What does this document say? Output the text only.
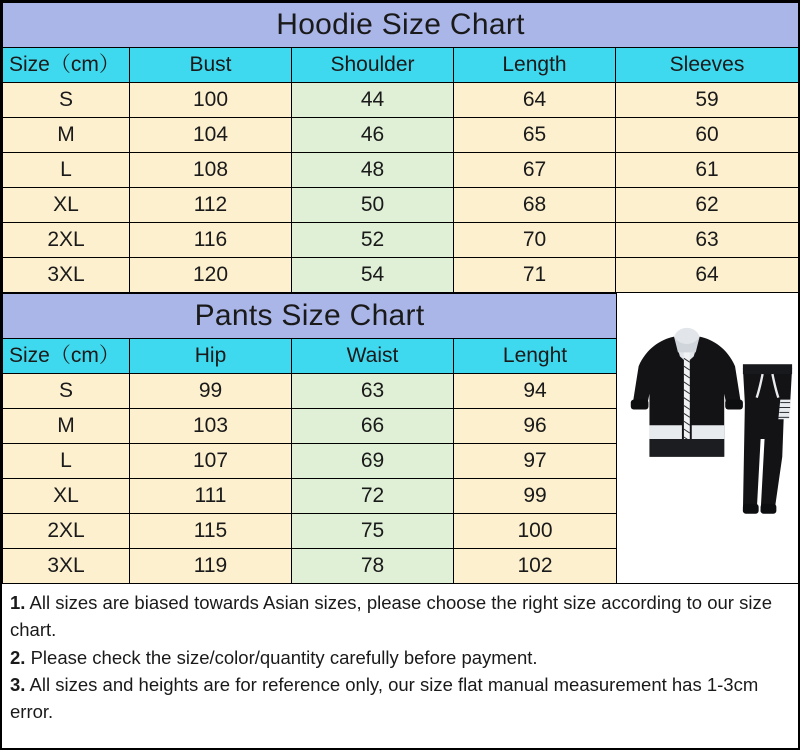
Hoodie Size Chart				
Size（cm）	Bust	Shoulder	Length	Sleeves
S	100	44	64	59
M	104	46	65	60
L	108	48	67	61
XL	112	50	68	62
2XL	116	52	70	63
3XL	120	54	71	64
Pants Size Chart			
Size（cm）	Hip	Waist	Lenght
S	99	63	94
M	103	66	96
L	107	69	97
XL	111	72	99
2XL	115	75	100
3XL	119	78	102

1. All sizes are biased towards Asian sizes, please choose the right size according to our size chart.

2. Please check the size/color/quantity carefully before payment.

3. All sizes and heights are for reference only, our size flat manual measurement has 1-3cm error.
